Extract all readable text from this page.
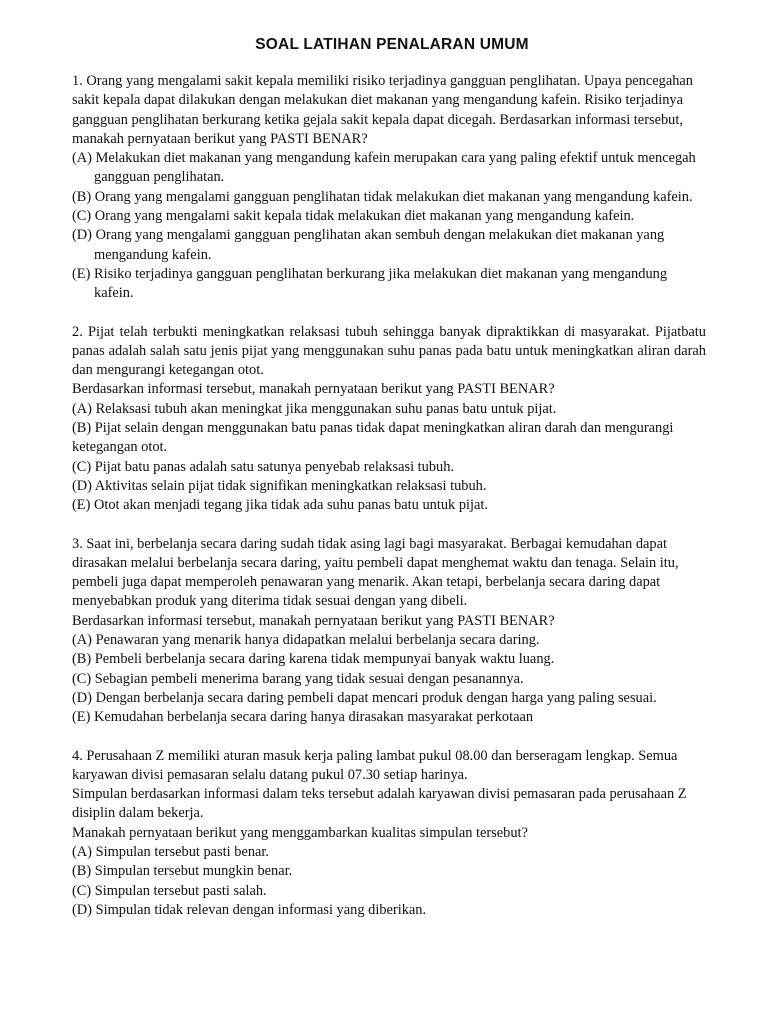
SOAL LATIHAN PENALARAN UMUM

1. Orang yang mengalami sakit kepala memiliki risiko terjadinya gangguan penglihatan. Upaya pencegahan sakit kepala dapat dilakukan dengan melakukan diet makanan yang mengandung kafein. Risiko terjadinya gangguan penglihatan berkurang ketika gejala sakit kepala dapat dicegah. Berdasarkan informasi tersebut, manakah pernyataan berikut yang PASTI BENAR?

(A) Melakukan diet makanan yang mengandung kafein merupakan cara yang paling efektif untuk mencegah gangguan penglihatan.

(B) Orang yang mengalami gangguan penglihatan tidak melakukan diet makanan yang mengandung kafein.

(C) Orang yang mengalami sakit kepala tidak melakukan diet makanan yang mengandung kafein.

(D) Orang yang mengalami gangguan penglihatan akan sembuh dengan melakukan diet makanan yang mengandung kafein.

(E) Risiko terjadinya gangguan penglihatan berkurang jika melakukan diet makanan yang mengandung kafein.

2. Pijat telah terbukti meningkatkan relaksasi tubuh sehingga banyak dipraktikkan di masyarakat. Pijatbatu panas adalah salah satu jenis pijat yang menggunakan suhu panas pada batu untuk meningkatkan aliran darah dan mengurangi ketegangan otot.

Berdasarkan informasi tersebut, manakah pernyataan berikut yang PASTI BENAR?

(A) Relaksasi tubuh akan meningkat jika menggunakan suhu panas batu untuk pijat.

(B) Pijat selain dengan menggunakan batu panas tidak dapat meningkatkan aliran darah dan mengurangi ketegangan otot.

(C) Pijat batu panas adalah satu satunya penyebab relaksasi tubuh.

(D) Aktivitas selain pijat tidak signifikan meningkatkan relaksasi tubuh.

(E) Otot akan menjadi tegang jika tidak ada suhu panas batu untuk pijat.

3. Saat ini, berbelanja secara daring sudah tidak asing lagi bagi masyarakat. Berbagai kemudahan dapat dirasakan melalui berbelanja secara daring, yaitu pembeli dapat menghemat waktu dan tenaga. Selain itu, pembeli juga dapat memperoleh penawaran yang menarik. Akan tetapi, berbelanja secara daring dapat menyebabkan produk yang diterima tidak sesuai dengan yang dibeli.

Berdasarkan informasi tersebut, manakah pernyataan berikut yang PASTI BENAR?

(A) Penawaran yang menarik hanya didapatkan melalui berbelanja secara daring.

(B) Pembeli berbelanja secara daring karena tidak mempunyai banyak waktu luang.

(C) Sebagian pembeli menerima barang yang tidak sesuai dengan pesanannya.

(D) Dengan berbelanja secara daring pembeli dapat mencari produk dengan harga yang paling sesuai.

(E) Kemudahan berbelanja secara daring hanya dirasakan masyarakat perkotaan

4. Perusahaan Z memiliki aturan masuk kerja paling lambat pukul 08.00 dan berseragam lengkap. Semua karyawan divisi pemasaran selalu datang pukul 07.30 setiap harinya.

Simpulan berdasarkan informasi dalam teks tersebut adalah karyawan divisi pemasaran pada perusahaan Z disiplin dalam bekerja.

Manakah pernyataan berikut yang menggambarkan kualitas simpulan tersebut?

(A) Simpulan tersebut pasti benar.

(B) Simpulan tersebut mungkin benar.

(C) Simpulan tersebut pasti salah.

(D) Simpulan tidak relevan dengan informasi yang diberikan.
